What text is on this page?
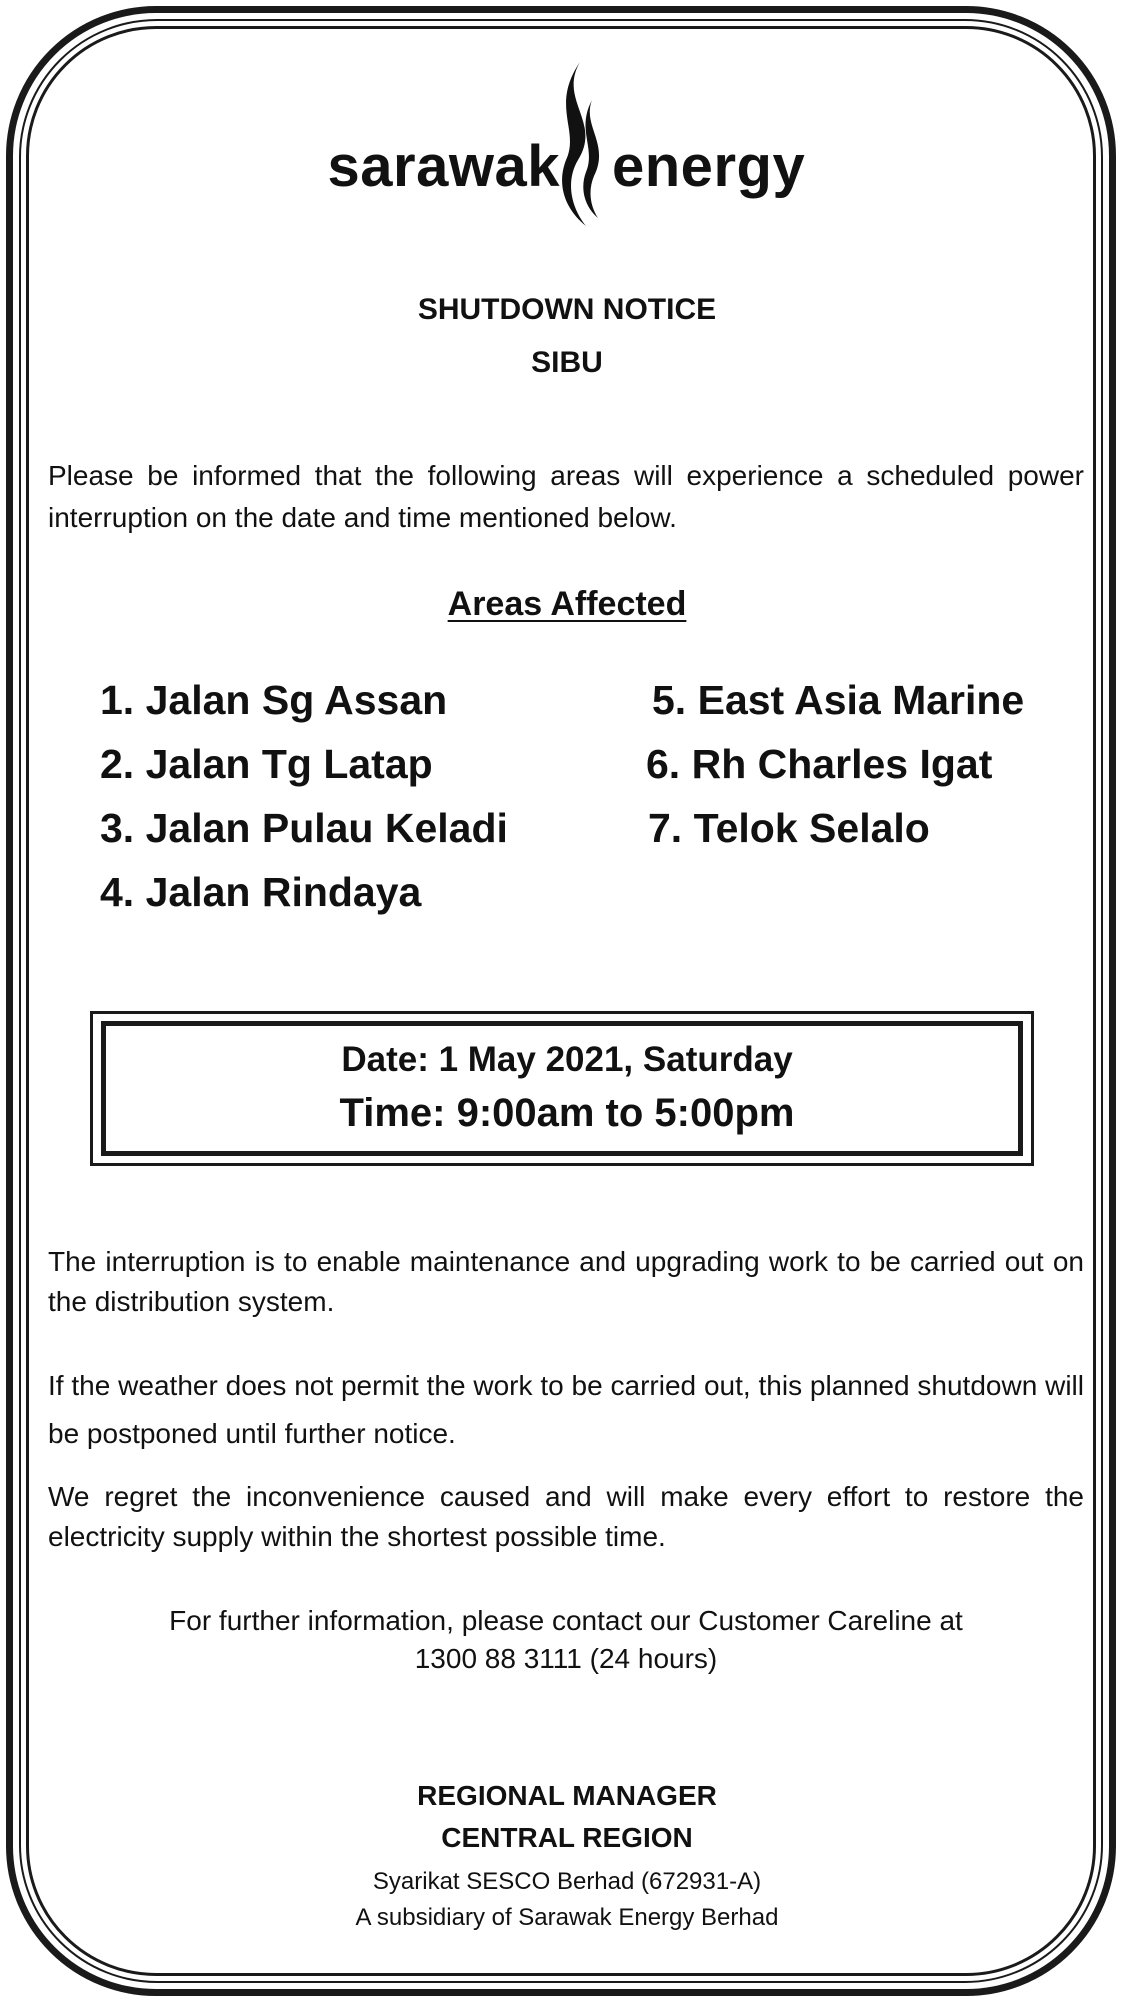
sarawak energy
SHUTDOWN NOTICE
SIBU
Please be informed that the following areas will experience a scheduled power interruption on the date and time mentioned below.
Areas Affected
1. Jalan Sg Assan
2. Jalan Tg Latap
3. Jalan Pulau Keladi
4. Jalan Rindaya
5. East Asia Marine
6. Rh Charles Igat
7. Telok Selalo
Date: 1 May 2021, Saturday
Time: 9:00am to 5:00pm
The interruption is to enable maintenance and upgrading work to be carried out on the distribution system.
If the weather does not permit the work to be carried out, this planned shutdown will be postponed until further notice.
We regret the inconvenience caused and will make every effort to restore the electricity supply within the shortest possible time.
For further information, please contact our Customer Careline at
1300 88 3111 (24 hours)
REGIONAL MANAGER
CENTRAL REGION
Syarikat SESCO Berhad (672931-A)
A subsidiary of Sarawak Energy Berhad
